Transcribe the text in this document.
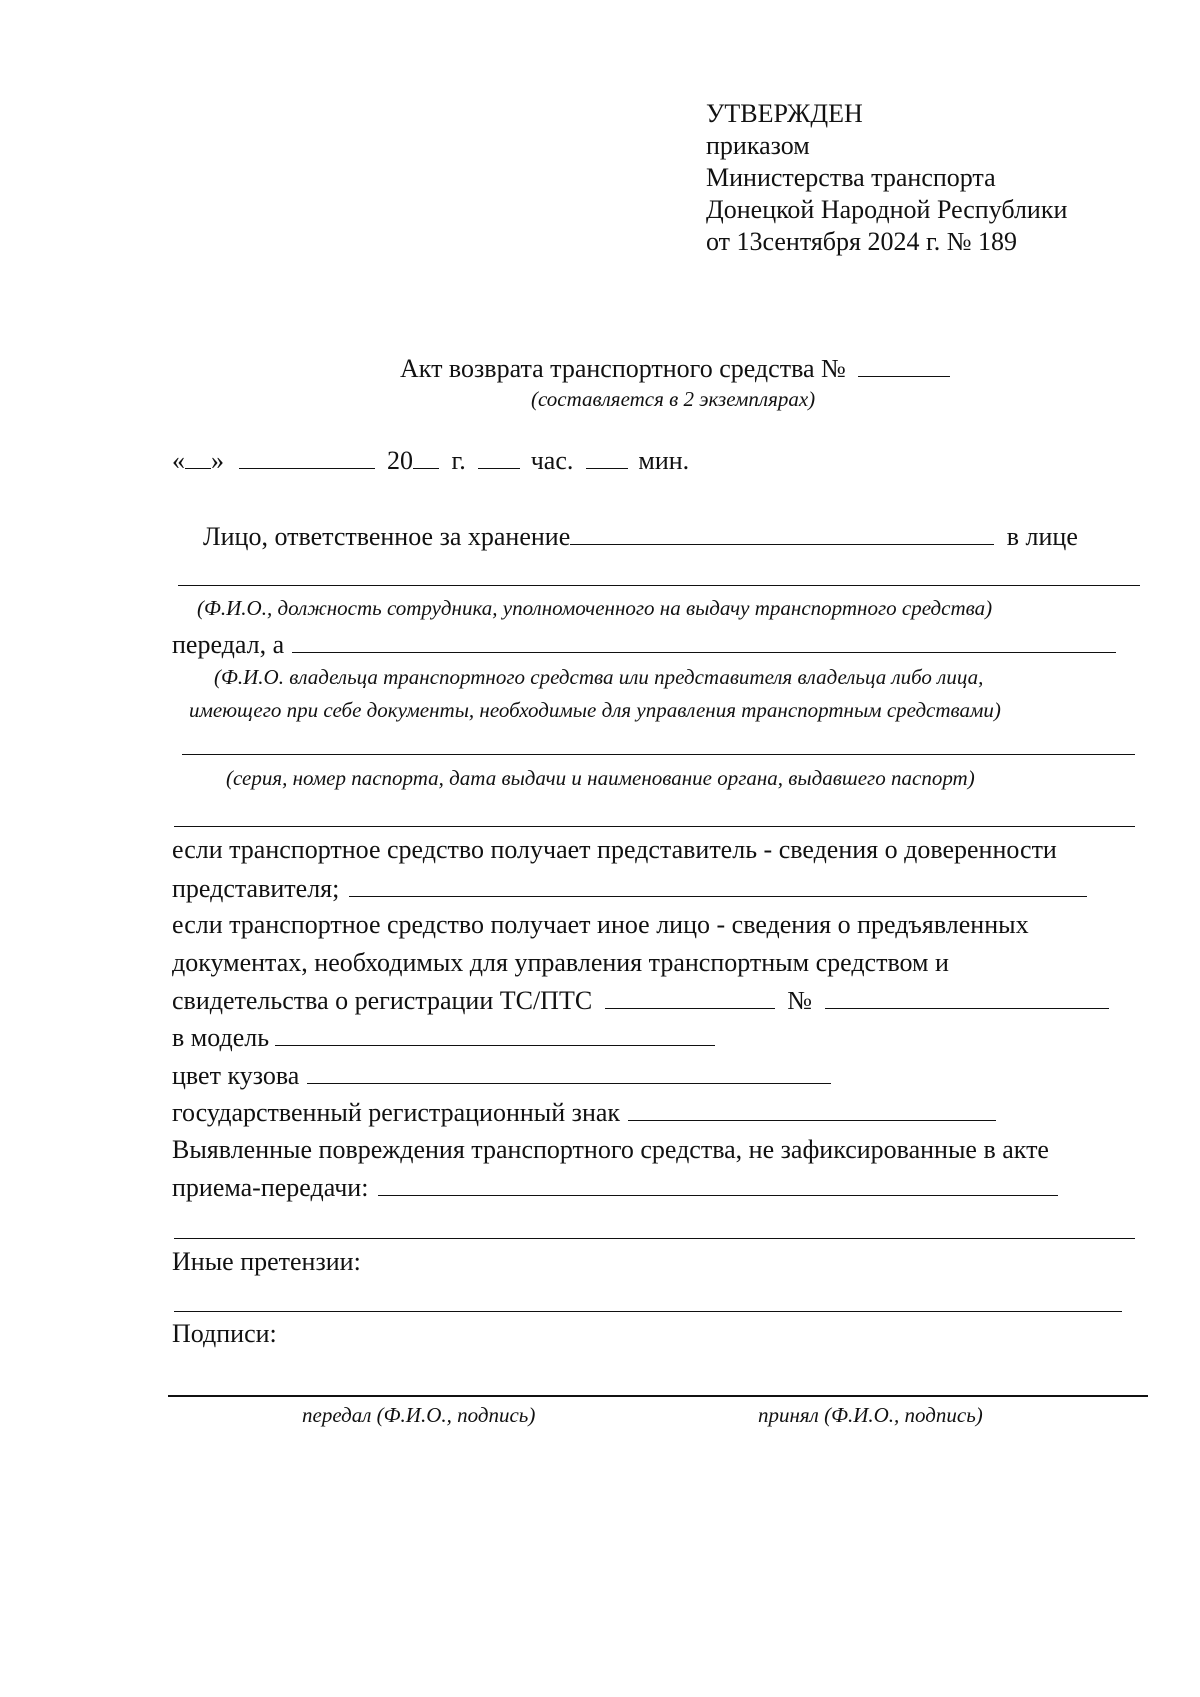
УТВЕРЖДЕН
приказом
Министерства транспорта
Донецкой Народной Республики
от 13сентября 2024 г. № 189
Акт возврата транспортного средства №
(составляется в 2 экземплярах)
« »	20 г.	час.	мин.
Лицо, ответственное за хранение	в лице
(Ф.И.О., должность сотрудника, уполномоченного на выдачу транспортного средства)
передал, а
(Ф.И.О. владельца транспортного средства или представителя владельца либо лица,
имеющего при себе документы, необходимые для управления транспортным средствами)
(серия, номер паспорта, дата выдачи и наименование органа, выдавшего паспорт)
если транспортное средство получает представитель - сведения о доверенности
представителя;
если транспортное средство получает иное лицо - сведения о предъявленных
документах, необходимых для управления транспортным средством и
свидетельства о регистрации ТС/ПТС	№
в модель
цвет кузова
государственный регистрационный знак
Выявленные повреждения транспортного средства, не зафиксированные в акте
приема-передачи:
Иные претензии:
Подписи:
передал (Ф.И.О., подпись)	принял (Ф.И.О., подпись)
